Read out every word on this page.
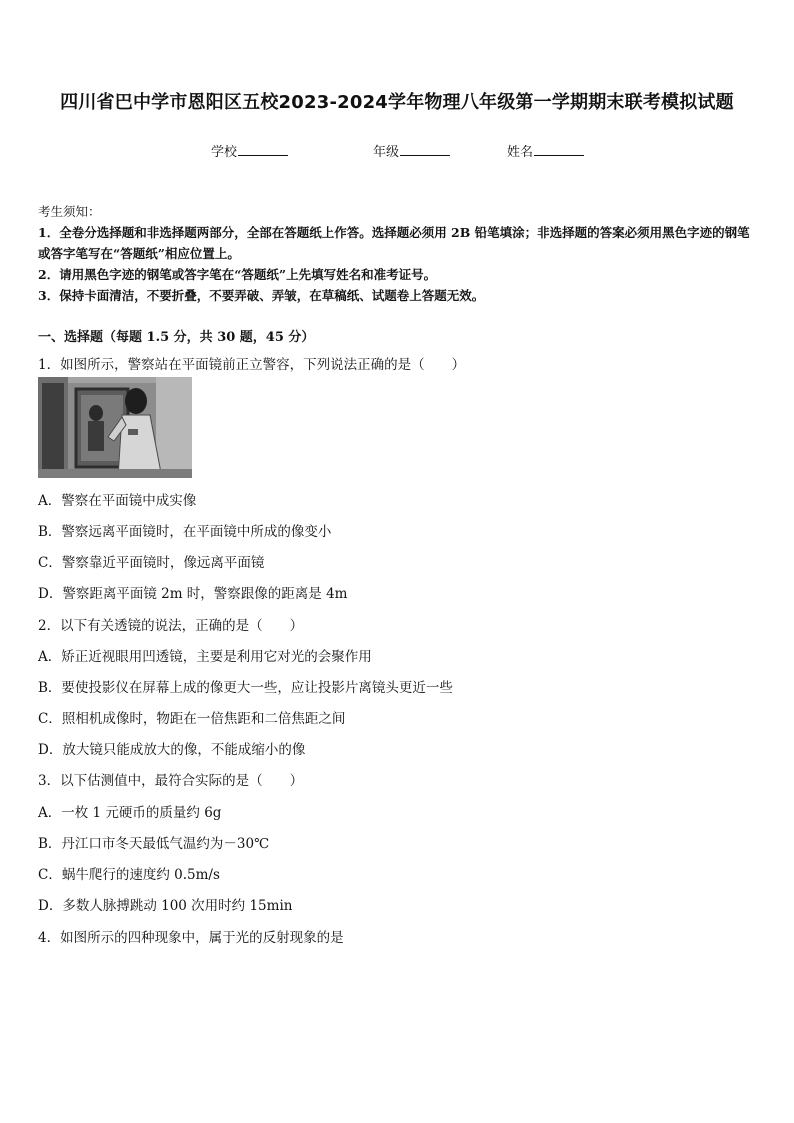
四川省巴中学市恩阳区五校2023-2024学年物理八年级第一学期期末联考模拟试题
学校	年级	姓名
考生须知：
1．全卷分选择题和非选择题两部分，全部在答题纸上作答。选择题必须用 2B 铅笔填涂；非选择题的答案必须用黑色字迹的钢笔或答字笔写在“答题纸”相应位置上。
2．请用黑色字迹的钢笔或答字笔在“答题纸”上先填写姓名和准考证号。
3．保持卡面清洁，不要折叠，不要弄破、弄皱，在草稿纸、试题卷上答题无效。
一、选择题（每题 1.5 分，共 30 题，45 分）
1．如图所示，警察站在平面镜前正立警容，下列说法正确的是（　　）
A．警察在平面镜中成实像
B．警察远离平面镜时，在平面镜中所成的像变小
C．警察靠近平面镜时，像远离平面镜
D．警察距离平面镜 2m 时，警察跟像的距离是 4m
2．以下有关透镜的说法，正确的是（　　）
A．矫正近视眼用凹透镜，主要是利用它对光的会聚作用
B．要使投影仪在屏幕上成的像更大一些，应让投影片离镜头更近一些
C．照相机成像时，物距在一倍焦距和二倍焦距之间
D．放大镜只能成放大的像，不能成缩小的像
3．以下估测值中，最符合实际的是（　　）
A．一枚 1 元硬币的质量约 6g
B．丹江口市冬天最低气温约为－30℃
C．蜗牛爬行的速度约 0.5m/s
D．多数人脉搏跳动 100 次用时约 15min
4．如图所示的四种现象中，属于光的反射现象的是
